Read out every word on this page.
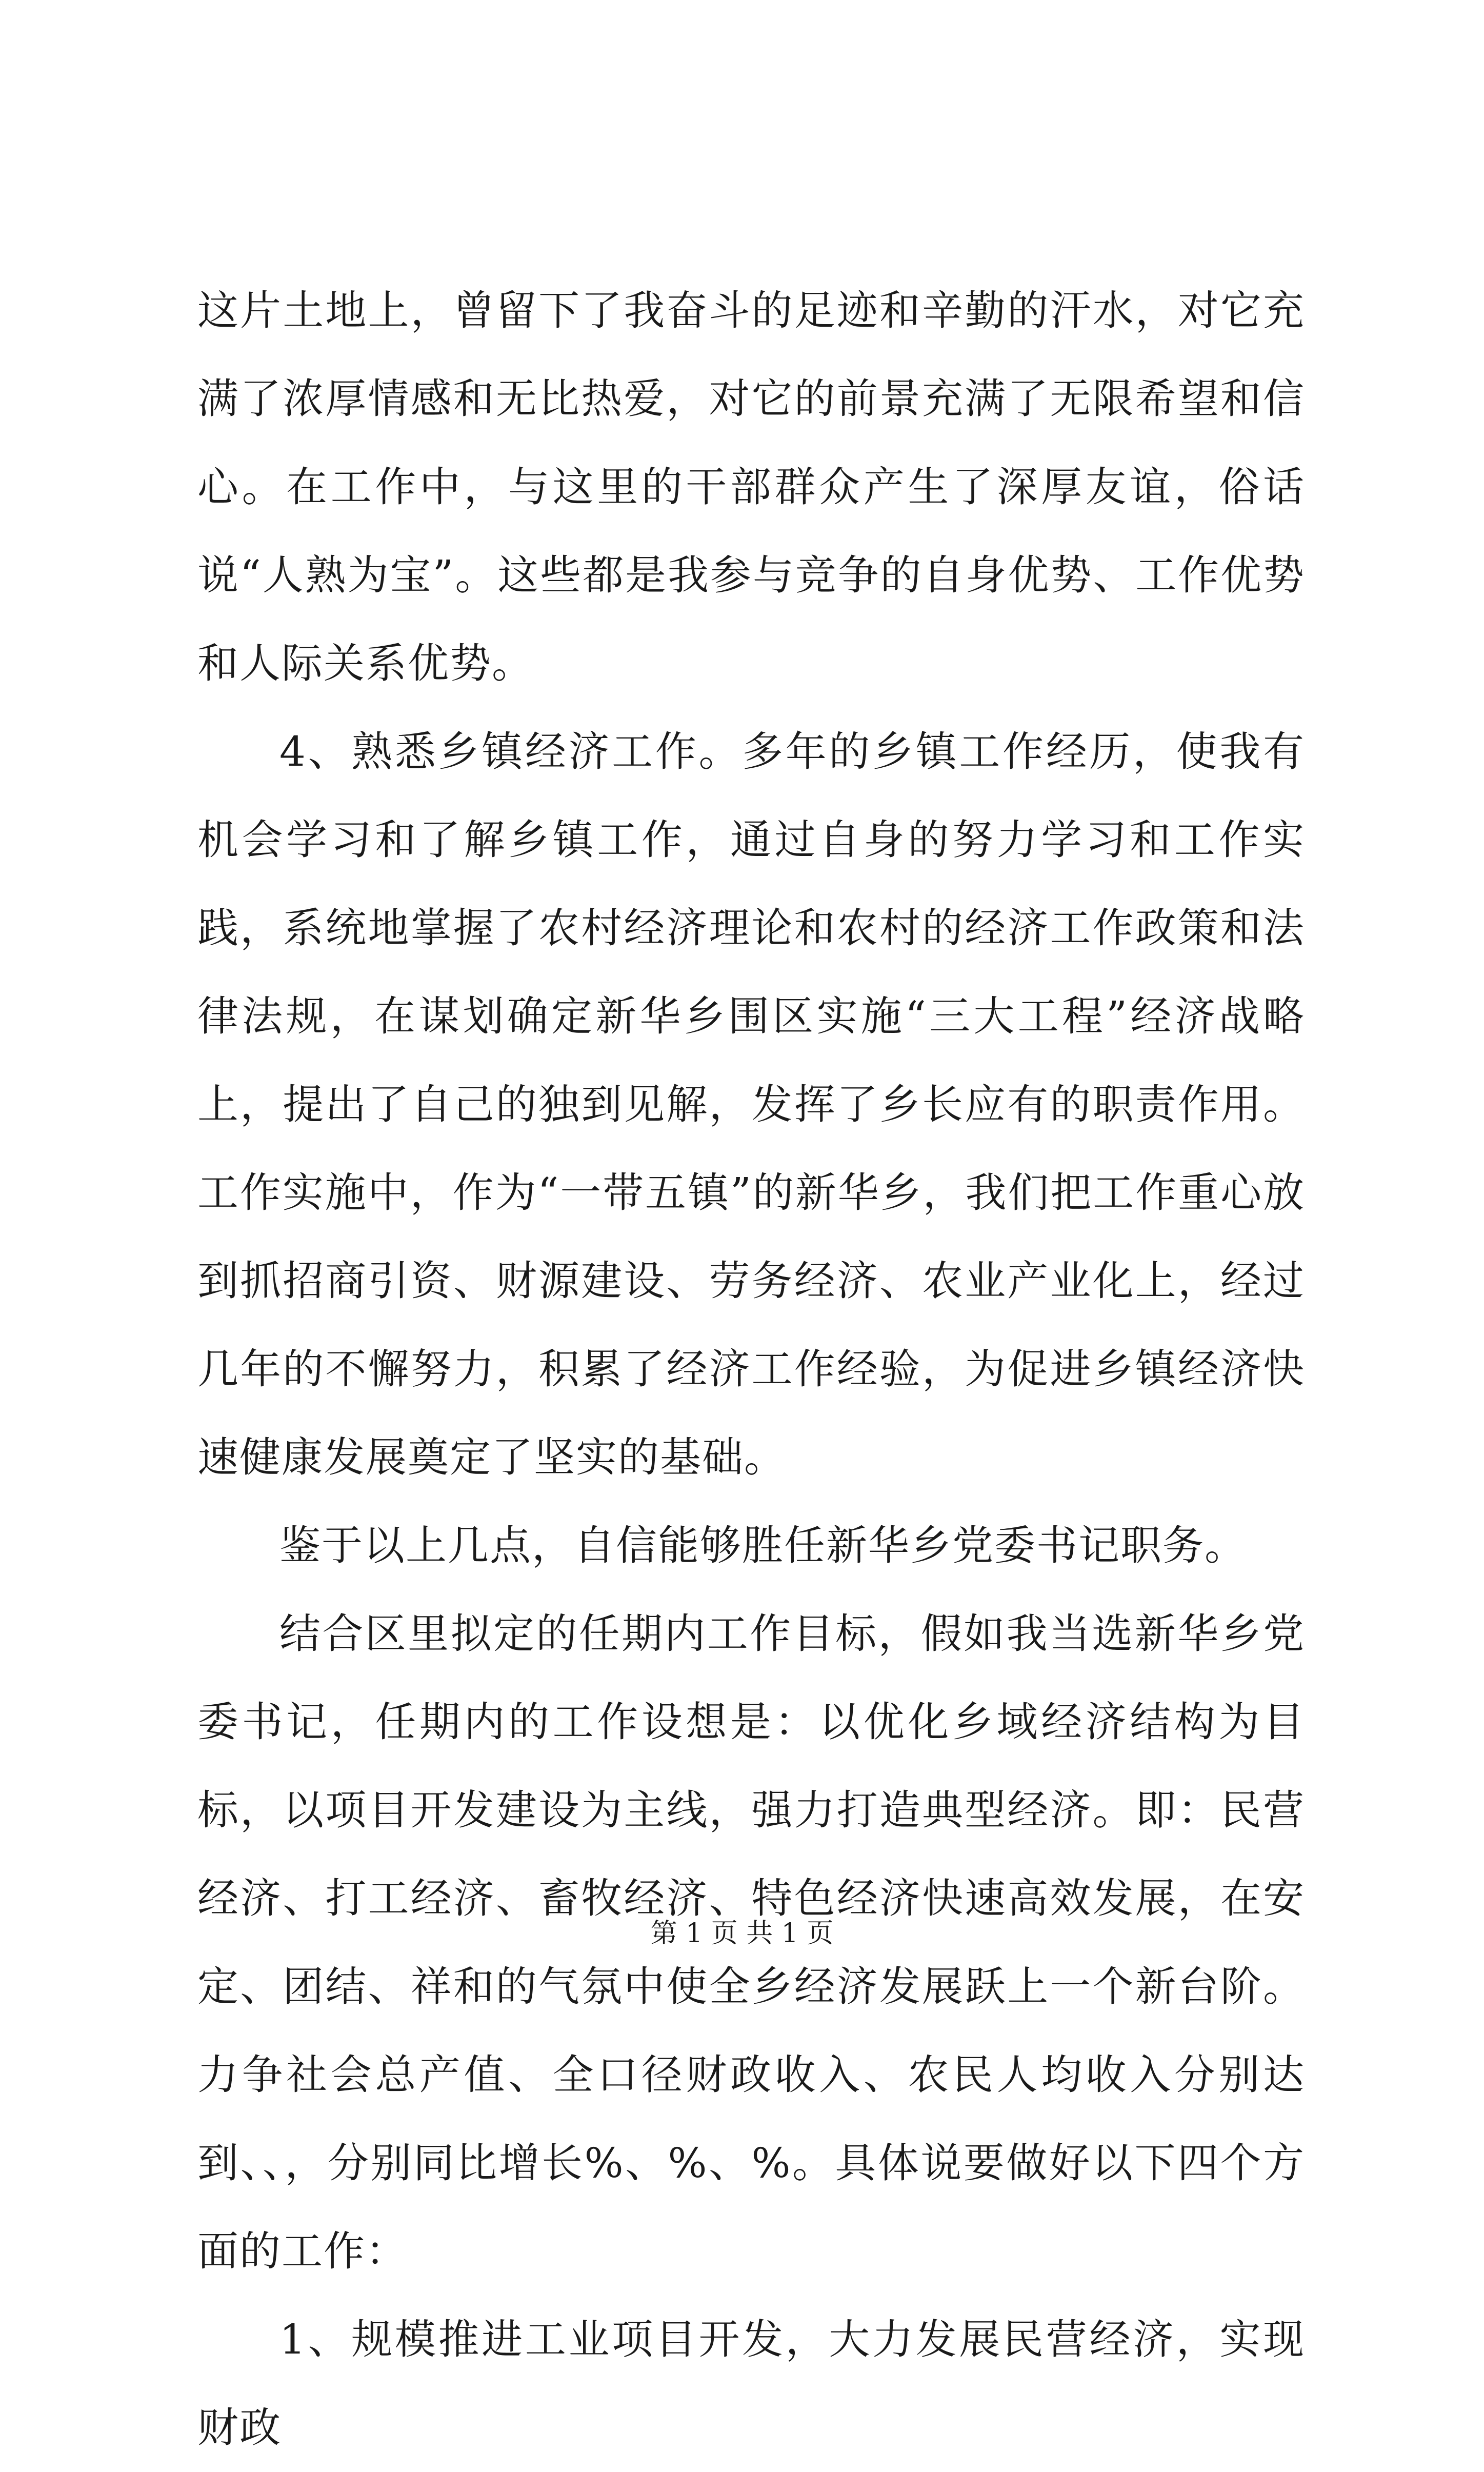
这片土地上，曾留下了我奋斗的足迹和辛勤的汗水，对它充满了浓厚情感和无比热爱，对它的前景充满了无限希望和信心。在工作中，与这里的干部群众产生了深厚友谊，俗话说“人熟为宝”。这些都是我参与竞争的自身优势、工作优势和人际关系优势。

4、熟悉乡镇经济工作。多年的乡镇工作经历，使我有机会学习和了解乡镇工作，通过自身的努力学习和工作实践，系统地掌握了农村经济理论和农村的经济工作政策和法律法规，在谋划确定新华乡围区实施“三大工程”经济战略上，提出了自己的独到见解，发挥了乡长应有的职责作用。工作实施中，作为“一带五镇”的新华乡，我们把工作重心放到抓招商引资、财源建设、劳务经济、农业产业化上，经过几年的不懈努力，积累了经济工作经验，为促进乡镇经济快速健康发展奠定了坚实的基础。

鉴于以上几点，自信能够胜任新华乡党委书记职务。

结合区里拟定的任期内工作目标，假如我当选新华乡党委书记，任期内的工作设想是：以优化乡域经济结构为目标，以项目开发建设为主线，强力打造典型经济。即：民营经济、打工经济、畜牧经济、特色经济快速高效发展，在安定、团结、祥和的气氛中使全乡经济发展跃上一个新台阶。力争社会总产值、全口径财政收入、农民人均收入分别达到、、，分别同比增长%、%、%。具体说要做好以下四个方面的工作：

1、规模推进工业项目开发，大力发展民营经济，实现财政

第 1 页 共 1 页
